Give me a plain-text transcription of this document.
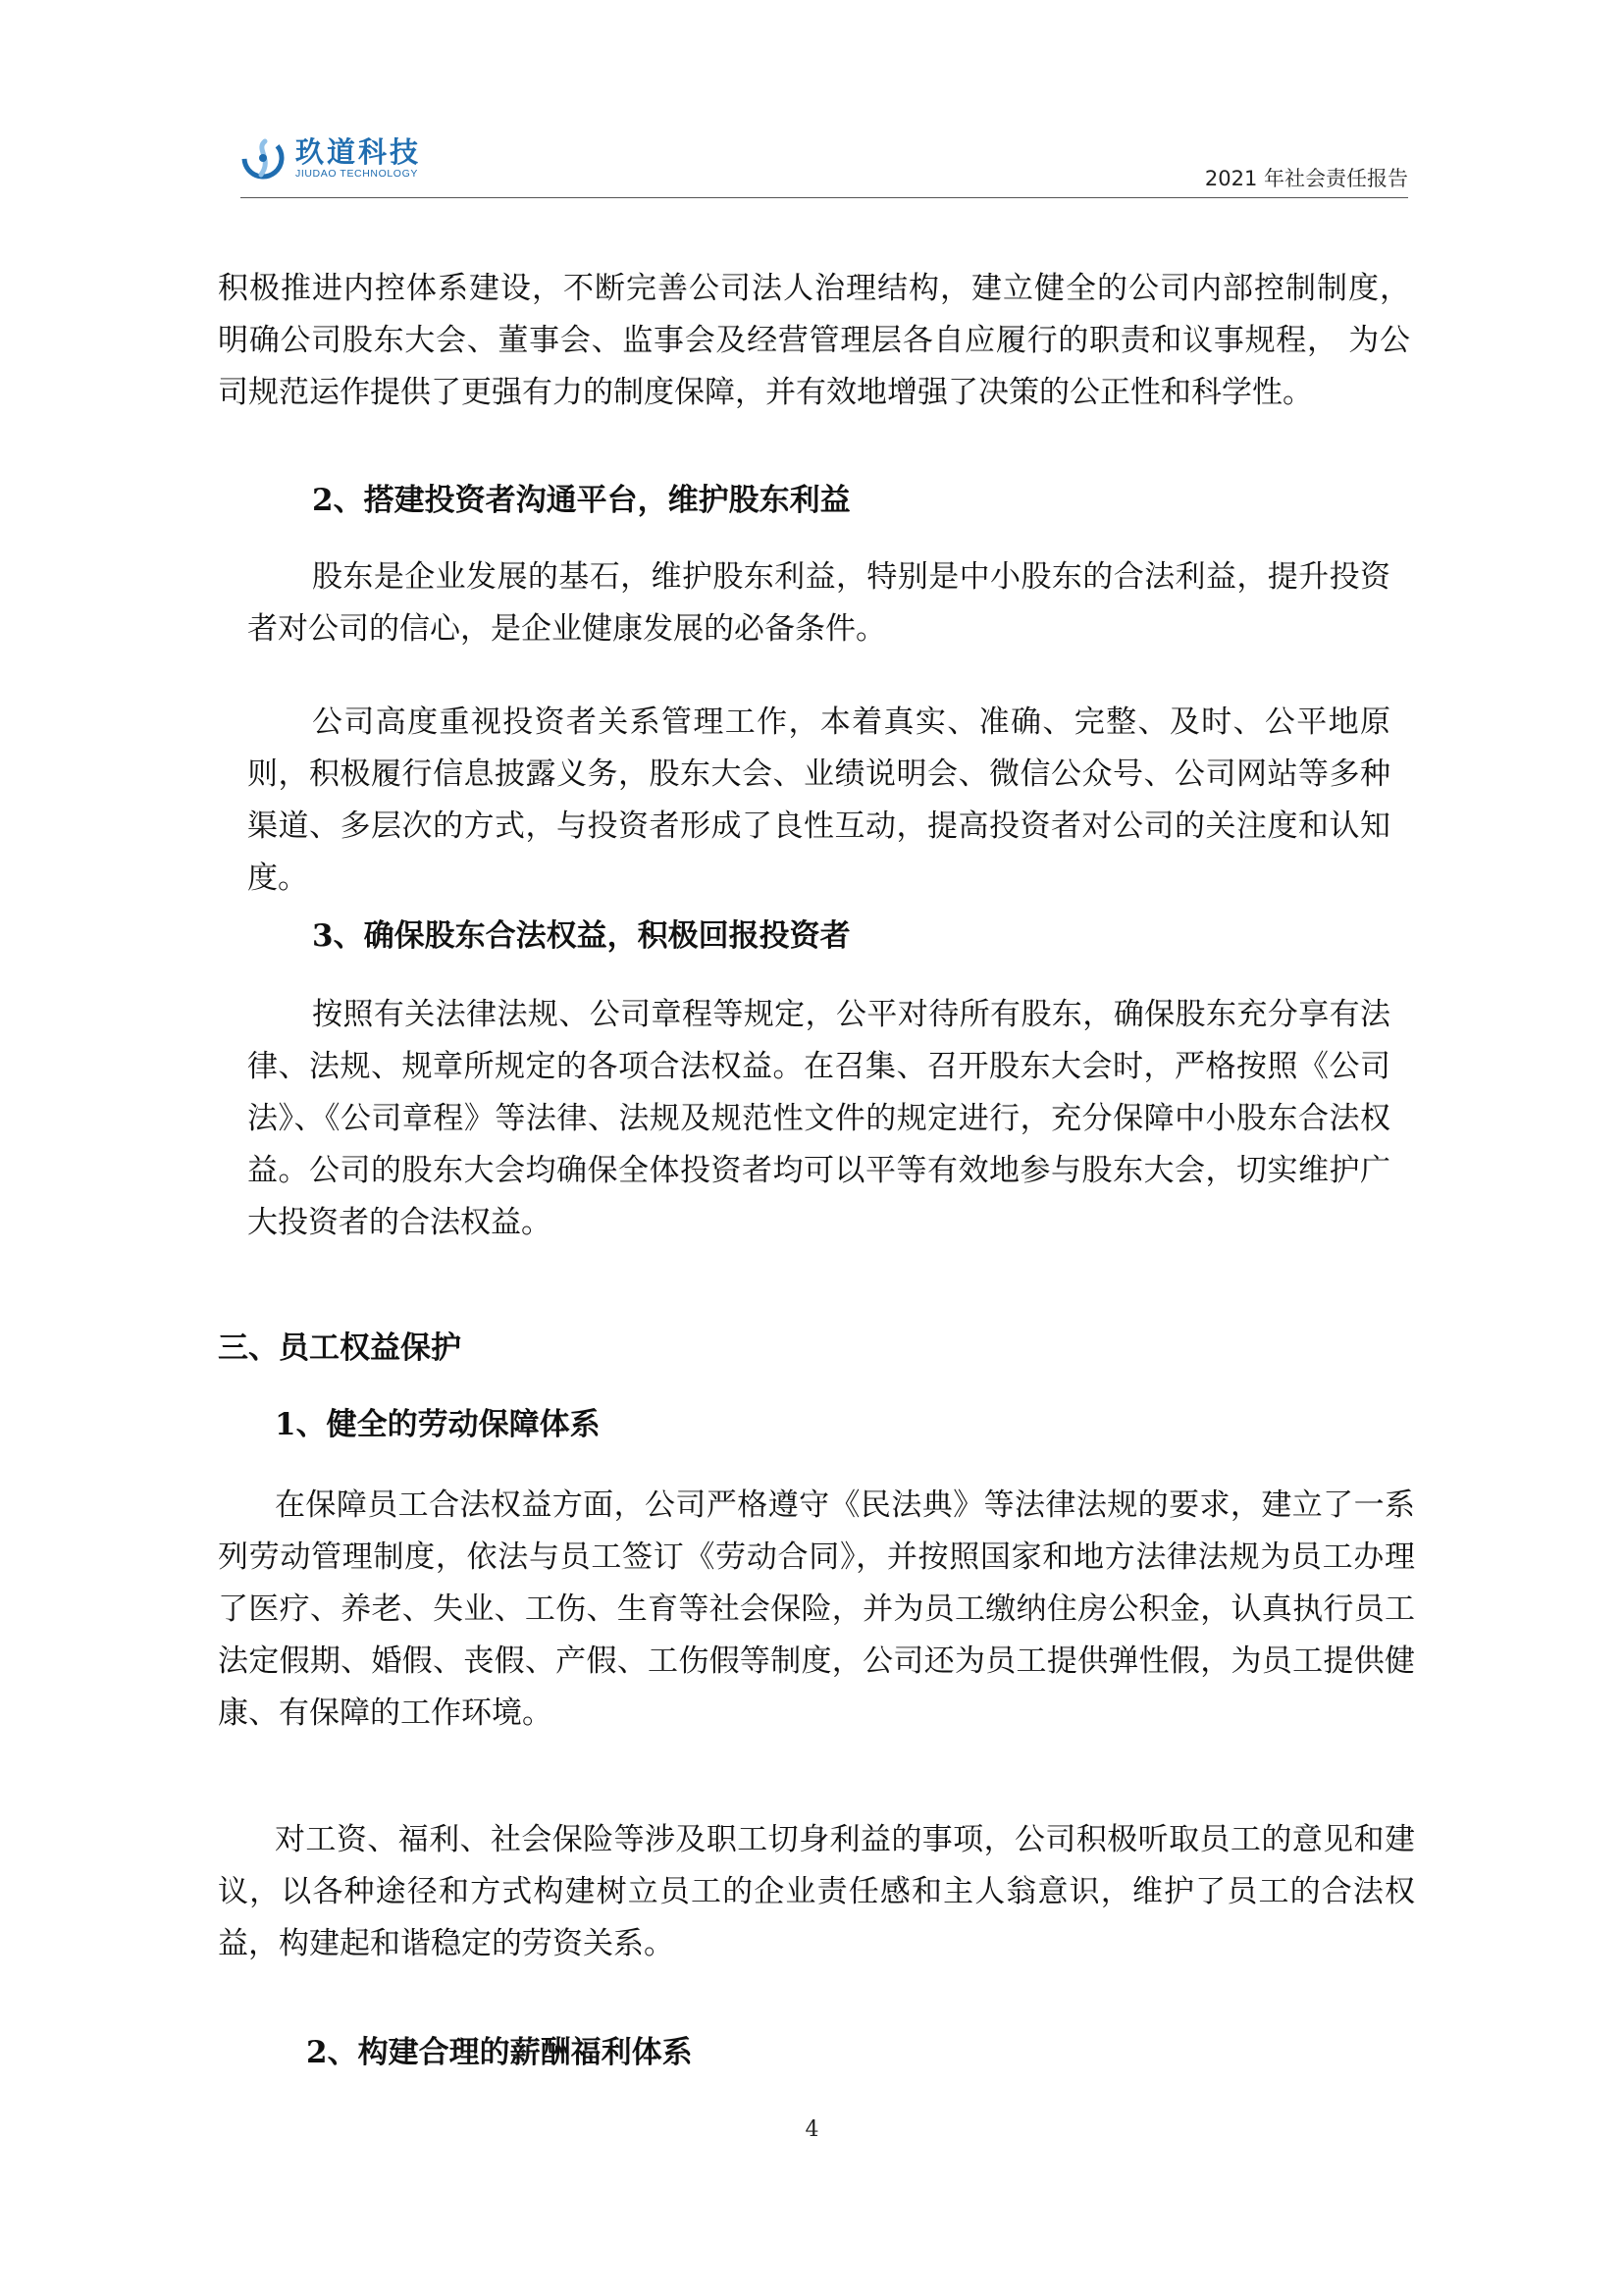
玖道科技
JIUDAO TECHNOLOGY	2021 年社会责任报告

积极推进内控体系建设，不断完善公司法人治理结构，建立健全的公司内部控制制度， 明确公司股东大会、董事会、监事会及经营管理层各自应履行的职责和议事规程， 为公司规范运作提供了更强有力的制度保障，并有效地增强了决策的公正性和科学性。

2、搭建投资者沟通平台，维护股东利益

股东是企业发展的基石，维护股东利益，特别是中小股东的合法利益，提升投资者对公司的信心，是企业健康发展的必备条件。

公司高度重视投资者关系管理工作，本着真实、准确、完整、及时、公平地原则，积极履行信息披露义务，股东大会、业绩说明会、微信公众号、公司网站等多种渠道、多层次的方式，与投资者形成了良性互动，提高投资者对公司的关注度和认知度。

3、确保股东合法权益，积极回报投资者

按照有关法律法规、公司章程等规定，公平对待所有股东，确保股东充分享有法律、法规、规章所规定的各项合法权益。在召集、召开股东大会时，严格按照《公司法》、《公司章程》等法律、法规及规范性文件的规定进行，充分保障中小股东合法权益。公司的股东大会均确保全体投资者均可以平等有效地参与股东大会，切实维护广大投资者的合法权益。

三、员工权益保护
1、健全的劳动保障体系

在保障员工合法权益方面，公司严格遵守《民法典》等法律法规的要求，建立了一系列劳动管理制度，依法与员工签订《劳动合同》，并按照国家和地方法律法规为员工办理了医疗、养老、失业、工伤、生育等社会保险，并为员工缴纳住房公积金，认真执行员工法定假期、婚假、丧假、产假、工伤假等制度，公司还为员工提供弹性假，为员工提供健康、有保障的工作环境。

对工资、福利、社会保险等涉及职工切身利益的事项，公司积极听取员工的意见和建议，以各种途径和方式构建树立员工的企业责任感和主人翁意识，维护了员工的合法权益，构建起和谐稳定的劳资关系。

2、构建合理的薪酬福利体系
4
